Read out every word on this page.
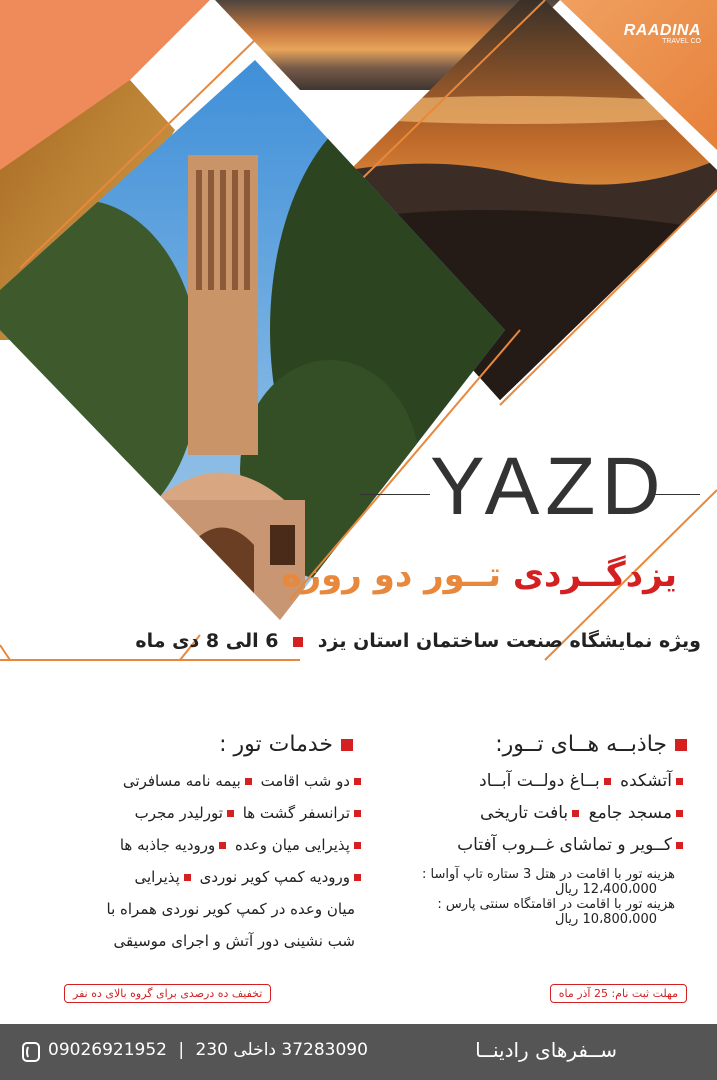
RAADINA
TRAVEL CO
سازمان نظام مهندسی ساختمان
استان یزد
YAZD
یزدگــردی تــور دو روزه
ویژه نمایشگاه صنعت ساختمان استان یزد  6 الی 8 دی ماه
جاذبــه هــای تــور:
آتشکده بــاغ دولــت آبــاد
مسجد جامع بافت تاریخی
کــویر و تماشای غــروب آفتاب
هزینه تور با اقامت در هتل 3 ستاره تاپ آواسا :
12،400،000 ریال
هزینه تور با اقامت در اقامتگاه سنتی پارس :
10،800،000 ریال
مهلت ثبت نام: 25 آذر ماه
خدمات تور :
دو شب اقامت بیمه نامه مسافرتی
ترانسفر گشت ها تورلیدر مجرب
پذیرایی میان وعده ورودیه جاذبه ها
ورودیه کمپ کویر نوردی پذیرایی
میان وعده در کمپ کویر نوردی همراه با
شب نشینی دور آتش و اجرای موسیقی
تخفیف ده درصدی برای گروه بالای ده نفر
09026921952 | 37283090 داخلی 230	ســفرهای رادینــا
